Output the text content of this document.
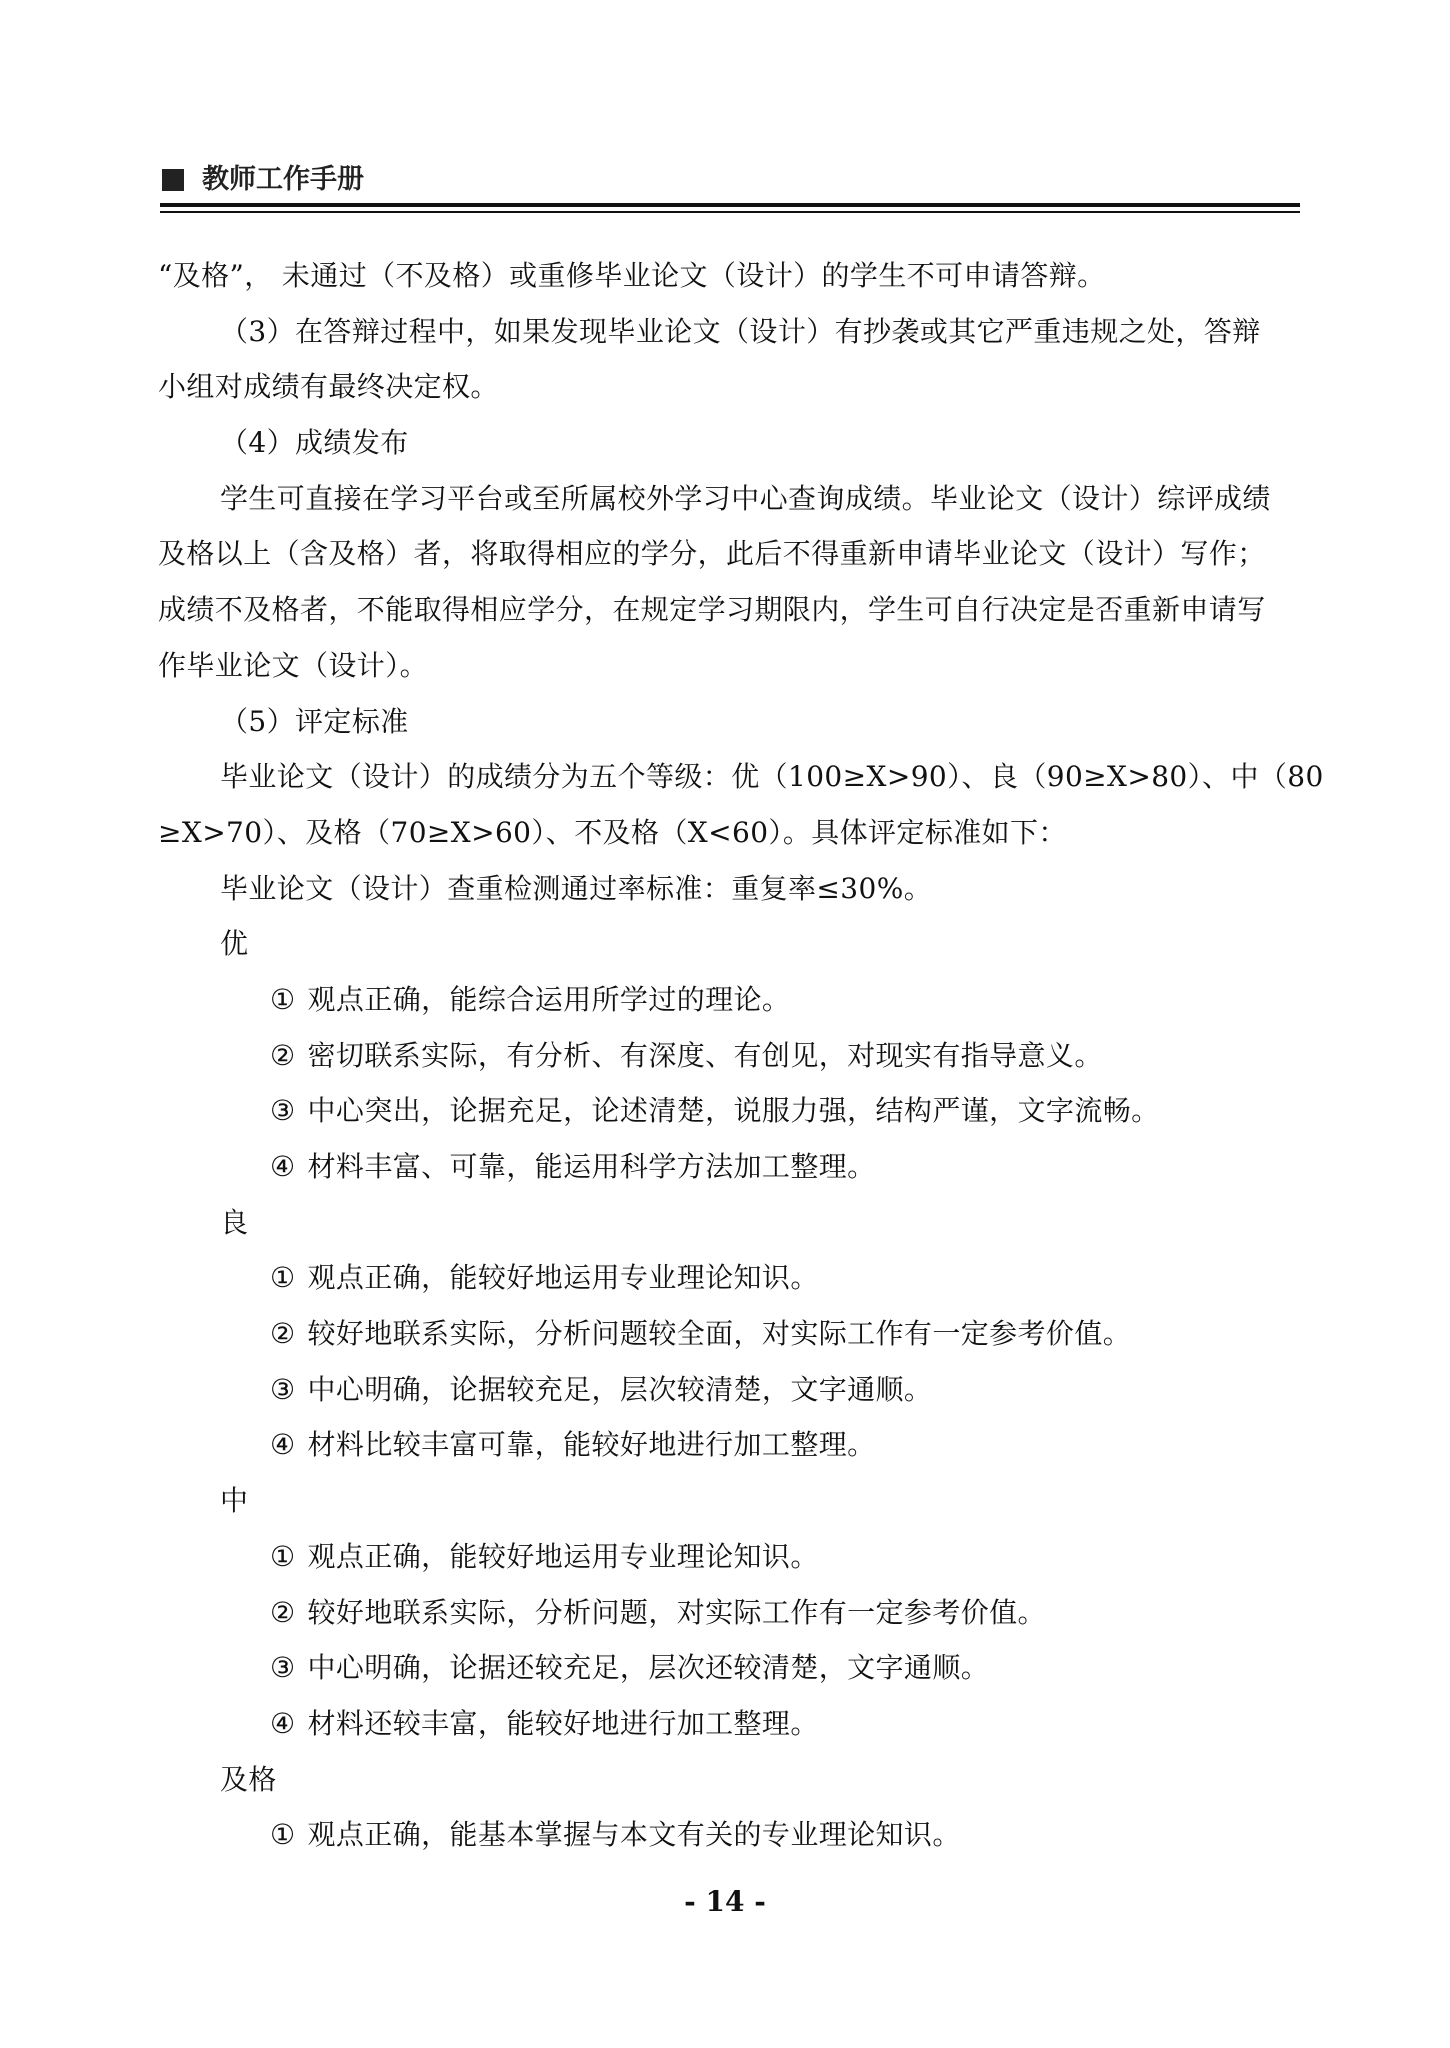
教师工作手册
“及格”， 未通过（不及格）或重修毕业论文（设计）的学生不可申请答辩。
（3）在答辩过程中，如果发现毕业论文（设计）有抄袭或其它严重违规之处，答辩
小组对成绩有最终决定权。
（4）成绩发布
学生可直接在学习平台或至所属校外学习中心查询成绩。毕业论文（设计）综评成绩
及格以上（含及格）者，将取得相应的学分，此后不得重新申请毕业论文（设计）写作；
成绩不及格者，不能取得相应学分，在规定学习期限内，学生可自行决定是否重新申请写
作毕业论文（设计）。
（5）评定标准
毕业论文（设计）的成绩分为五个等级：优（100≥X>90）、良（90≥X>80）、中（80
≥X>70）、及格（70≥X>60）、不及格（X<60）。具体评定标准如下：
毕业论文（设计）查重检测通过率标准：重复率≤30%。
优
① 观点正确，能综合运用所学过的理论。
② 密切联系实际，有分析、有深度、有创见，对现实有指导意义。
③ 中心突出，论据充足，论述清楚，说服力强，结构严谨，文字流畅。
④ 材料丰富、可靠，能运用科学方法加工整理。
良
① 观点正确，能较好地运用专业理论知识。
② 较好地联系实际，分析问题较全面，对实际工作有一定参考价值。
③ 中心明确，论据较充足，层次较清楚，文字通顺。
④ 材料比较丰富可靠，能较好地进行加工整理。
中
① 观点正确，能较好地运用专业理论知识。
② 较好地联系实际，分析问题，对实际工作有一定参考价值。
③ 中心明确，论据还较充足，层次还较清楚，文字通顺。
④ 材料还较丰富，能较好地进行加工整理。
及格
① 观点正确，能基本掌握与本文有关的专业理论知识。
- 14 -
